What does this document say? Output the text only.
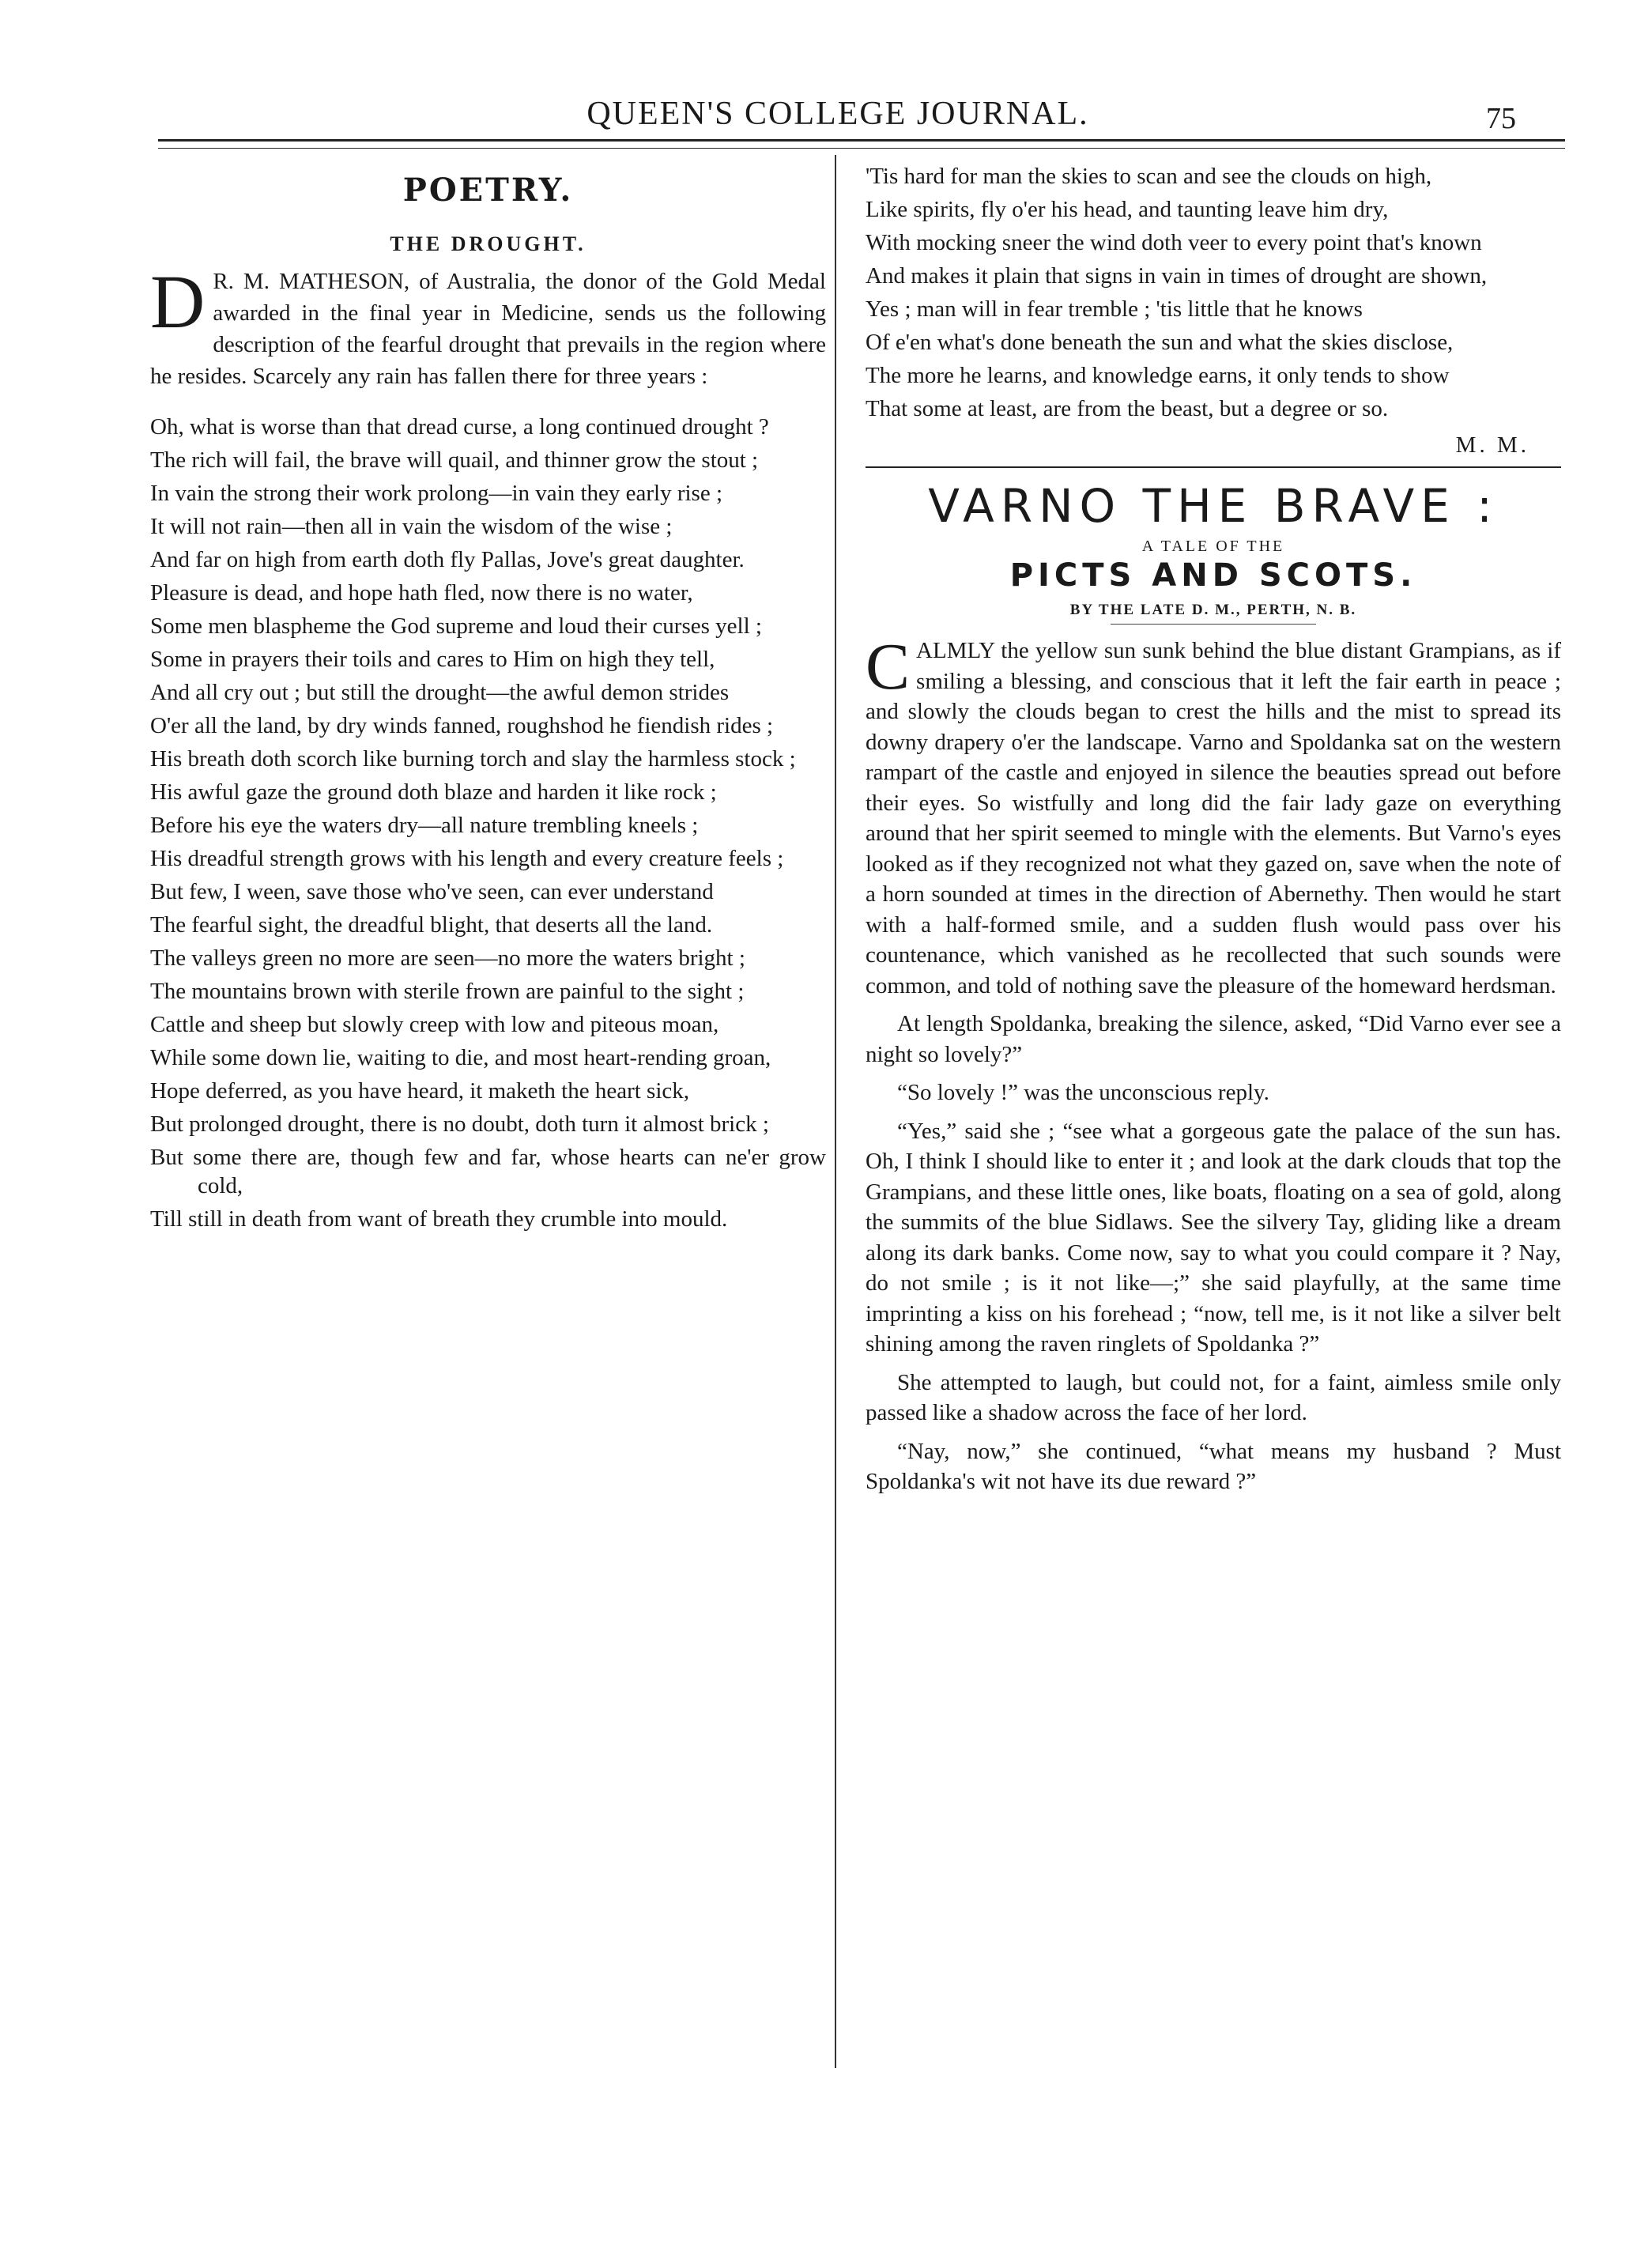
QUEEN'S COLLEGE JOURNAL.	75
POETRY.
THE DROUGHT.

D R. M. MATHESON, of Australia, the donor of the Gold Medal awarded in the final year in Medicine, sends us the following description of the fearful drought that prevails in the region where he resides. Scarcely any rain has fallen there for three years :

Oh, what is worse than that dread curse, a long continued drought ?

The rich will fail, the brave will quail, and thinner grow the stout ;

In vain the strong their work prolong—in vain they early rise ;

It will not rain—then all in vain the wisdom of the wise ;

And far on high from earth doth fly Pallas, Jove's great daughter.

Pleasure is dead, and hope hath fled, now there is no water,

Some men blaspheme the God supreme and loud their curses yell ;

Some in prayers their toils and cares to Him on high they tell,

And all cry out ; but still the drought—the awful demon strides

O'er all the land, by dry winds fanned, roughshod he fiendish rides ;

His breath doth scorch like burning torch and slay the harmless stock ;

His awful gaze the ground doth blaze and harden it like rock ;

Before his eye the waters dry—all nature trembling kneels ;

His dreadful strength grows with his length and every creature feels ;

But few, I ween, save those who've seen, can ever understand

The fearful sight, the dreadful blight, that deserts all the land.

The valleys green no more are seen—no more the waters bright ;

The mountains brown with sterile frown are painful to the sight ;

Cattle and sheep but slowly creep with low and piteous moan,

While some down lie, waiting to die, and most heart-rending groan,

Hope deferred, as you have heard, it maketh the heart sick,

But prolonged drought, there is no doubt, doth turn it almost brick ;

But some there are, though few and far, whose hearts can ne'er grow cold,

Till still in death from want of breath they crumble into mould.

'Tis hard for man the skies to scan and see the clouds on high,

Like spirits, fly o'er his head, and taunting leave him dry,

With mocking sneer the wind doth veer to every point that's known

And makes it plain that signs in vain in times of drought are shown,

Yes ; man will in fear tremble ; 'tis little that he knows

Of e'en what's done beneath the sun and what the skies disclose,

The more he learns, and knowledge earns, it only tends to show

That some at least, are from the beast, but a degree or so.

M. M.
VARNO THE BRAVE :
A TALE OF THE
PICTS AND SCOTS.
BY THE LATE D. M., PERTH, N. B.

CALMLY the yellow sun sunk behind the blue distant Grampians, as if smiling a blessing, and conscious that it left the fair earth in peace ; and slowly the clouds began to crest the hills and the mist to spread its downy drapery o'er the landscape. Varno and Spoldanka sat on the western rampart of the castle and enjoyed in silence the beauties spread out before their eyes. So wistfully and long did the fair lady gaze on everything around that her spirit seemed to mingle with the elements. But Varno's eyes looked as if they recognized not what they gazed on, save when the note of a horn sounded at times in the direction of Abernethy. Then would he start with a half-formed smile, and a sudden flush would pass over his countenance, which vanished as he recollected that such sounds were common, and told of nothing save the pleasure of the homeward herdsman.

At length Spoldanka, breaking the silence, asked, “Did Varno ever see a night so lovely?”

“So lovely !” was the unconscious reply.

“Yes,” said she ; “see what a gorgeous gate the palace of the sun has. Oh, I think I should like to enter it ; and look at the dark clouds that top the Grampians, and these little ones, like boats, floating on a sea of gold, along the summits of the blue Sidlaws. See the silvery Tay, gliding like a dream along its dark banks. Come now, say to what you could compare it ? Nay, do not smile ; is it not like—;” she said playfully, at the same time imprinting a kiss on his forehead ; “now, tell me, is it not like a silver belt shining among the raven ringlets of Spoldanka ?”

She attempted to laugh, but could not, for a faint, aimless smile only passed like a shadow across the face of her lord.

“Nay, now,” she continued, “what means my husband ? Must Spoldanka's wit not have its due reward ?”
